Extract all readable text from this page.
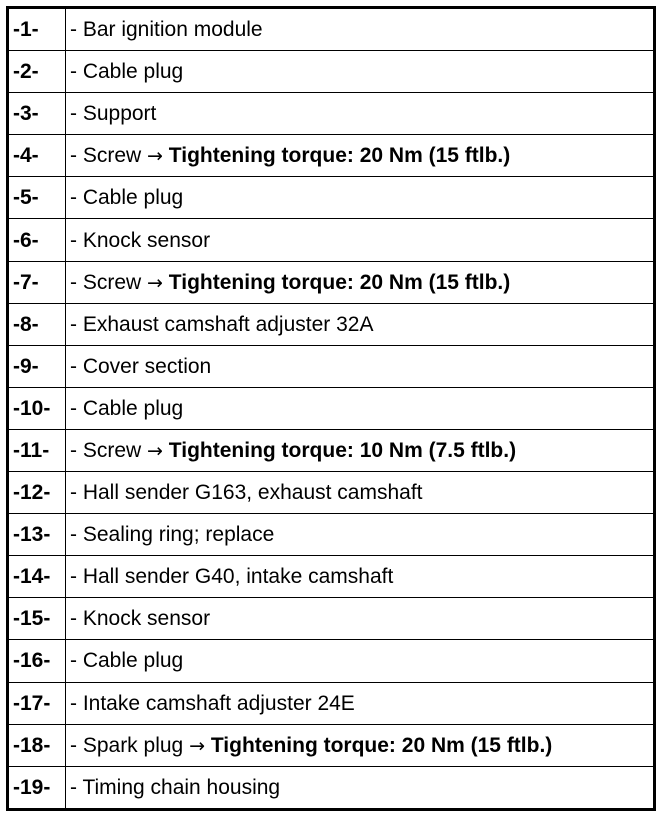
-1-	- Bar ignition module
-2-	- Cable plug
-3-	- Support
-4-	- Screw → Tightening torque: 20 Nm (15 ftlb.)
-5-	- Cable plug
-6-	- Knock sensor
-7-	- Screw → Tightening torque: 20 Nm (15 ftlb.)
-8-	- Exhaust camshaft adjuster 32A
-9-	- Cover section
-10-	- Cable plug
-11-	- Screw → Tightening torque: 10 Nm (7.5 ftlb.)
-12-	- Hall sender G163, exhaust camshaft
-13-	- Sealing ring; replace
-14-	- Hall sender G40, intake camshaft
-15-	- Knock sensor
-16-	- Cable plug
-17-	- Intake camshaft adjuster 24E
-18-	- Spark plug → Tightening torque: 20 Nm (15 ftlb.)
-19-	- Timing chain housing
